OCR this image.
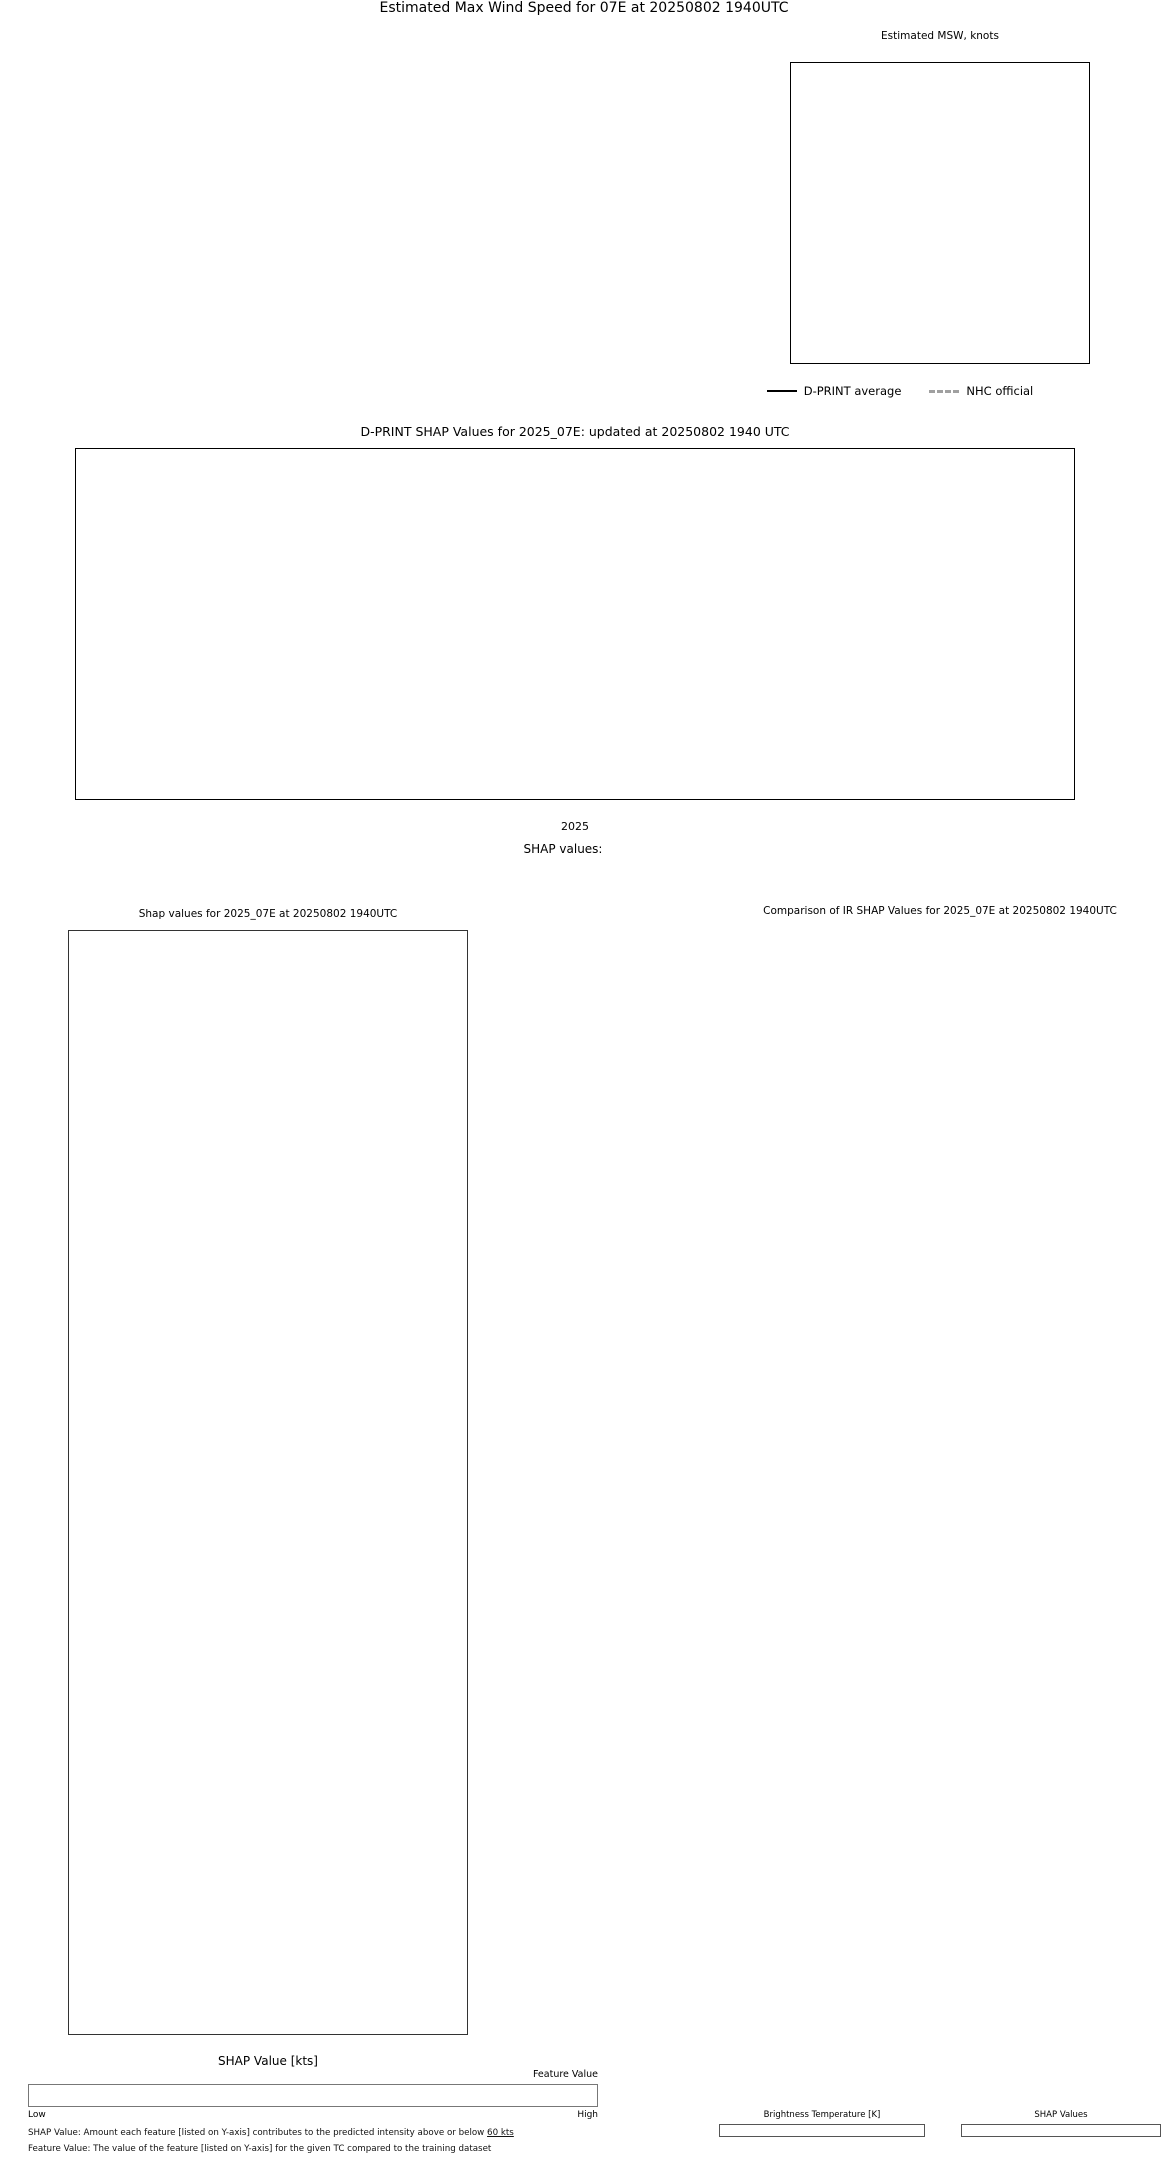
Estimated Max Wind Speed for 07E at 20250802 1940UTC
Estimated MSW, knots
D-PRINT average	NHC official
D-PRINT SHAP Values for 2025_07E: updated at 20250802 1940 UTC
2025
SHAP values:
Shap values for 2025_07E at 20250802 1940UTC
SHAP Value [kts]
Feature Value
Low	High
SHAP Value: Amount each feature [listed on Y-axis] contributes to the predicted intensity above or below 60 kts
Feature Value: The value of the feature [listed on Y-axis] for the given TC compared to the training dataset
Comparison of IR SHAP Values for 2025_07E at 20250802 1940UTC
Brightness Temperature [K]	SHAP Values
